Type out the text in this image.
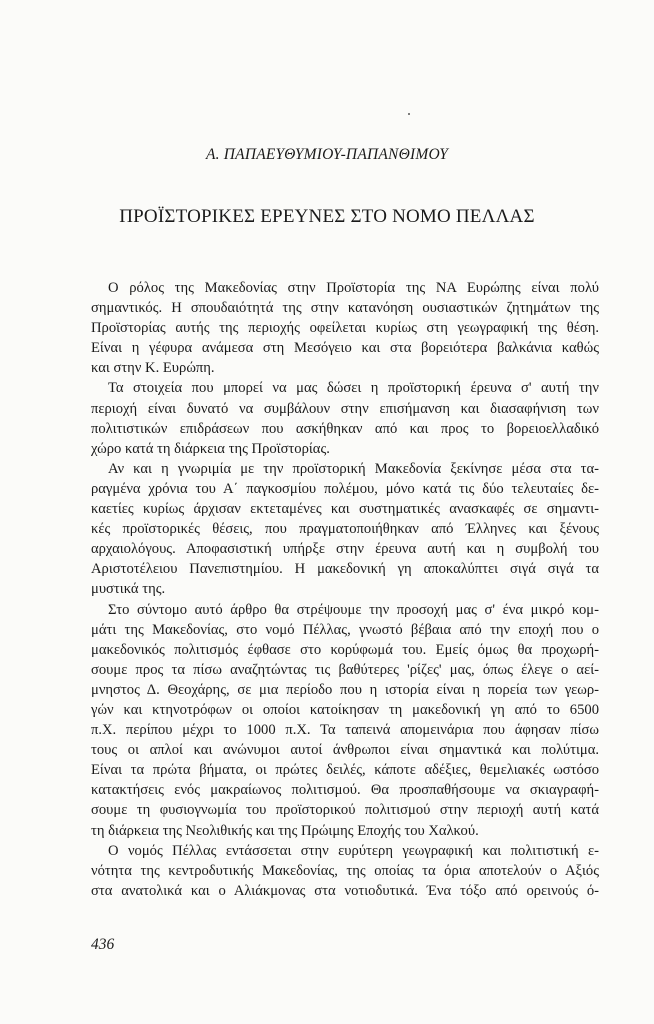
Α. ΠΑΠΑΕΥΘΥΜΙΟΥ-ΠΑΠΑΝΘΙΜΟΥ
ΠΡΟΪΣΤΟΡΙΚΕΣ ΕΡΕΥΝΕΣ ΣΤΟ ΝΟΜΟ ΠΕΛΛΑΣ
Ο ρόλος της Μακεδονίας στην Προϊστορία της ΝΑ Ευρώπης είναι πολύ
σημαντικός. Η σπουδαιότητά της στην κατανόηση ουσιαστικών ζητημάτων της
Προϊστορίας αυτής της περιοχής οφείλεται κυρίως στη γεωγραφική της θέση.
Είναι η γέφυρα ανάμεσα στη Μεσόγειο και στα βορειότερα βαλκάνια καθώς
και στην Κ. Ευρώπη.
Τα στοιχεία που μπορεί να μας δώσει η προϊστορική έρευνα σ' αυτή την
περιοχή είναι δυνατό να συμβάλουν στην επισήμανση και διασαφήνιση των
πολιτιστικών επιδράσεων που ασκήθηκαν από και προς το βορειοελλαδικό
χώρο κατά τη διάρκεια της Προϊστορίας.
Αν και η γνωριμία με την προϊστορική Μακεδονία ξεκίνησε μέσα στα τα-
ραγμένα χρόνια του Α΄ παγκοσμίου πολέμου, μόνο κατά τις δύο τελευταίες δε-
καετίες κυρίως άρχισαν εκτεταμένες και συστηματικές ανασκαφές σε σημαντι-
κές προϊστορικές θέσεις, που πραγματοποιήθηκαν από Έλληνες και ξένους
αρχαιολόγους. Αποφασιστική υπήρξε στην έρευνα αυτή και η συμβολή του
Αριστοτέλειου Πανεπιστημίου. Η μακεδονική γη αποκαλύπτει σιγά σιγά τα
μυστικά της.
Στο σύντομο αυτό άρθρο θα στρέψουμε την προσοχή μας σ' ένα μικρό κομ-
μάτι της Μακεδονίας, στο νομό Πέλλας, γνωστό βέβαια από την εποχή που ο
μακεδονικός πολιτισμός έφθασε στο κορύφωμά του. Εμείς όμως θα προχωρή-
σουμε προς τα πίσω αναζητώντας τις βαθύτερες 'ρίζες' μας, όπως έλεγε ο αεί-
μνηστος Δ. Θεοχάρης, σε μια περίοδο που η ιστορία είναι η πορεία των γεωρ-
γών και κτηνοτρόφων οι οποίοι κατοίκησαν τη μακεδονική γη από το 6500
π.Χ. περίπου μέχρι το 1000 π.Χ. Τα ταπεινά απομεινάρια που άφησαν πίσω
τους οι απλοί και ανώνυμοι αυτοί άνθρωποι είναι σημαντικά και πολύτιμα.
Είναι τα πρώτα βήματα, οι πρώτες δειλές, κάποτε αδέξιες, θεμελιακές ωστόσο
κατακτήσεις ενός μακραίωνος πολιτισμού. Θα προσπαθήσουμε να σκιαγραφή-
σουμε τη φυσιογνωμία του προϊστορικού πολιτισμού στην περιοχή αυτή κατά
τη διάρκεια της Νεολιθικής και της Πρώιμης Εποχής του Χαλκού.
Ο νομός Πέλλας εντάσσεται στην ευρύτερη γεωγραφική και πολιτιστική ε-
νότητα της κεντροδυτικής Μακεδονίας, της οποίας τα όρια αποτελούν ο Αξιός
στα ανατολικά και ο Αλιάκμονας στα νοτιοδυτικά. Ένα τόξο από ορεινούς ό-
436
